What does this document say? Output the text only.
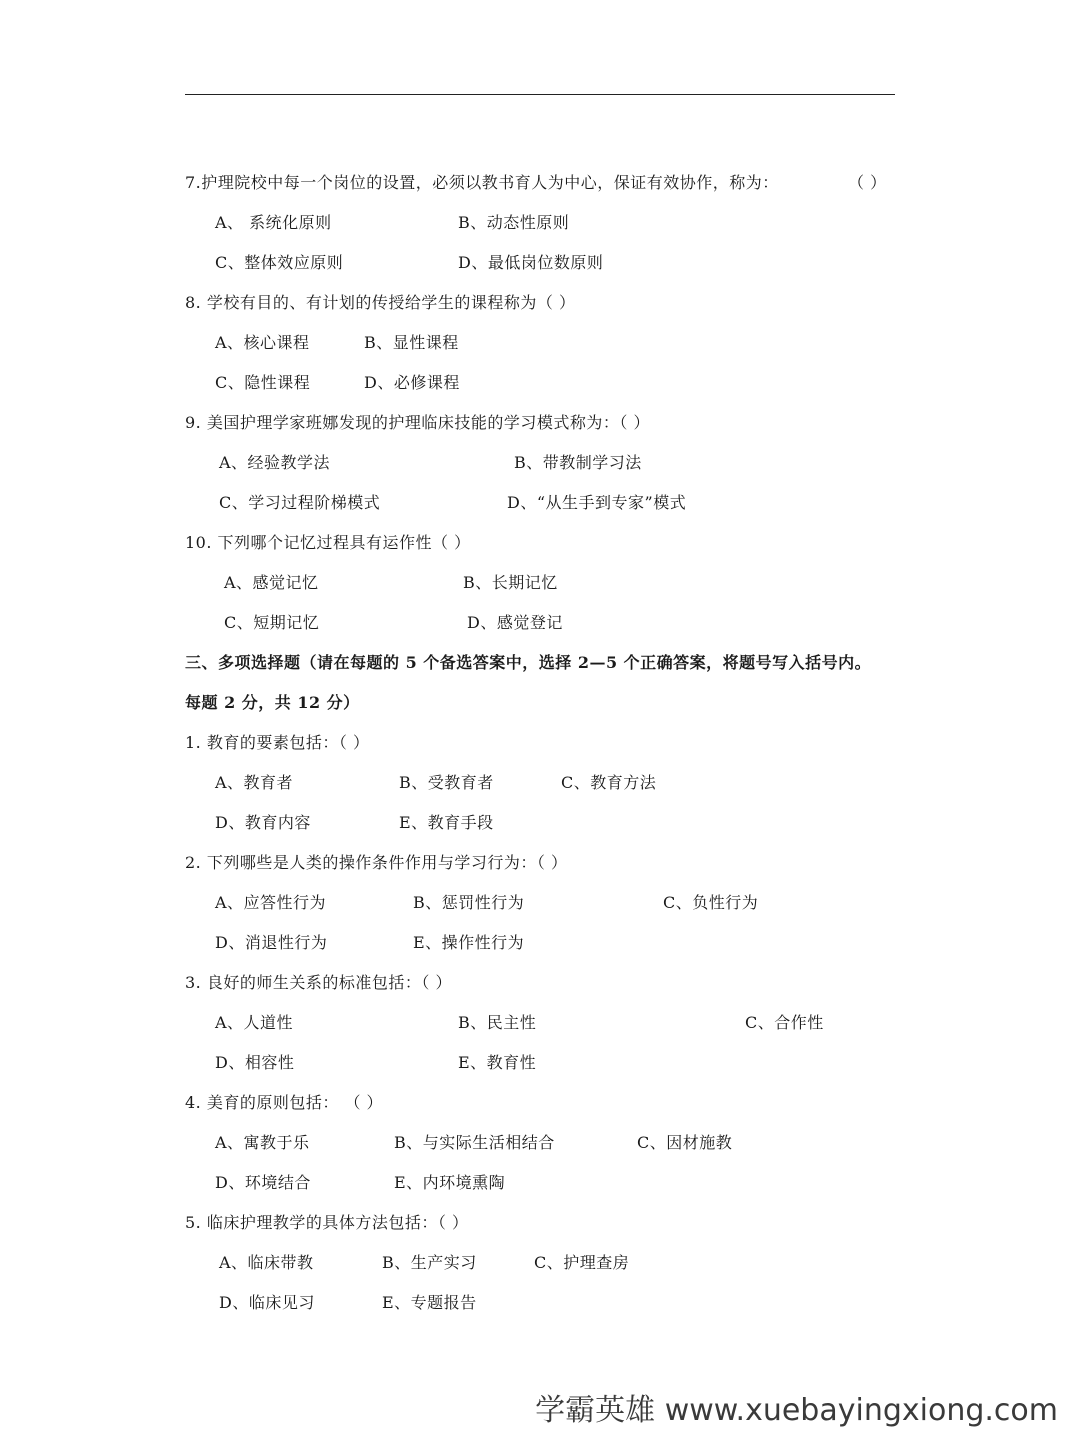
7.护理院校中每一个岗位的设置，必须以教书育人为中心，保证有效协作，称为：	（ ）
A、 系统化原则	B、动态性原则
C、整体效应原则	D、最低岗位数原则
8. 学校有目的、有计划的传授给学生的课程称为（ ）
A、核心课程	B、显性课程
C、隐性课程	D、必修课程
9. 美国护理学家班娜发现的护理临床技能的学习模式称为：（ ）
A、经验教学法	B、带教制学习法
C、学习过程阶梯模式	D、“从生手到专家”模式
10. 下列哪个记忆过程具有运作性（ ）
A、感觉记忆	B、长期记忆
C、短期记忆	D、感觉登记
三、多项选择题（请在每题的 5 个备选答案中，选择 2—5 个正确答案，将题号写入括号内。
每题 2 分，共 12 分）
1. 教育的要素包括：（ ）
A、教育者	B、受教育者	C、教育方法
D、教育内容	E、教育手段
2. 下列哪些是人类的操作条件作用与学习行为：（ ）
A、应答性行为	B、惩罚性行为	C、负性行为
D、消退性行为	E、操作性行为
3. 良好的师生关系的标准包括：（ ）
A、人道性	B、民主性	C、合作性
D、相容性	E、教育性
4. 美育的原则包括： （ ）
A、寓教于乐	B、与实际生活相结合	C、因材施教
D、环境结合	E、内环境熏陶
5. 临床护理教学的具体方法包括：（ ）
A、临床带教	B、生产实习	C、护理查房
D、临床见习	E、专题报告
学霸英雄 www.xuebayingxiong.com
